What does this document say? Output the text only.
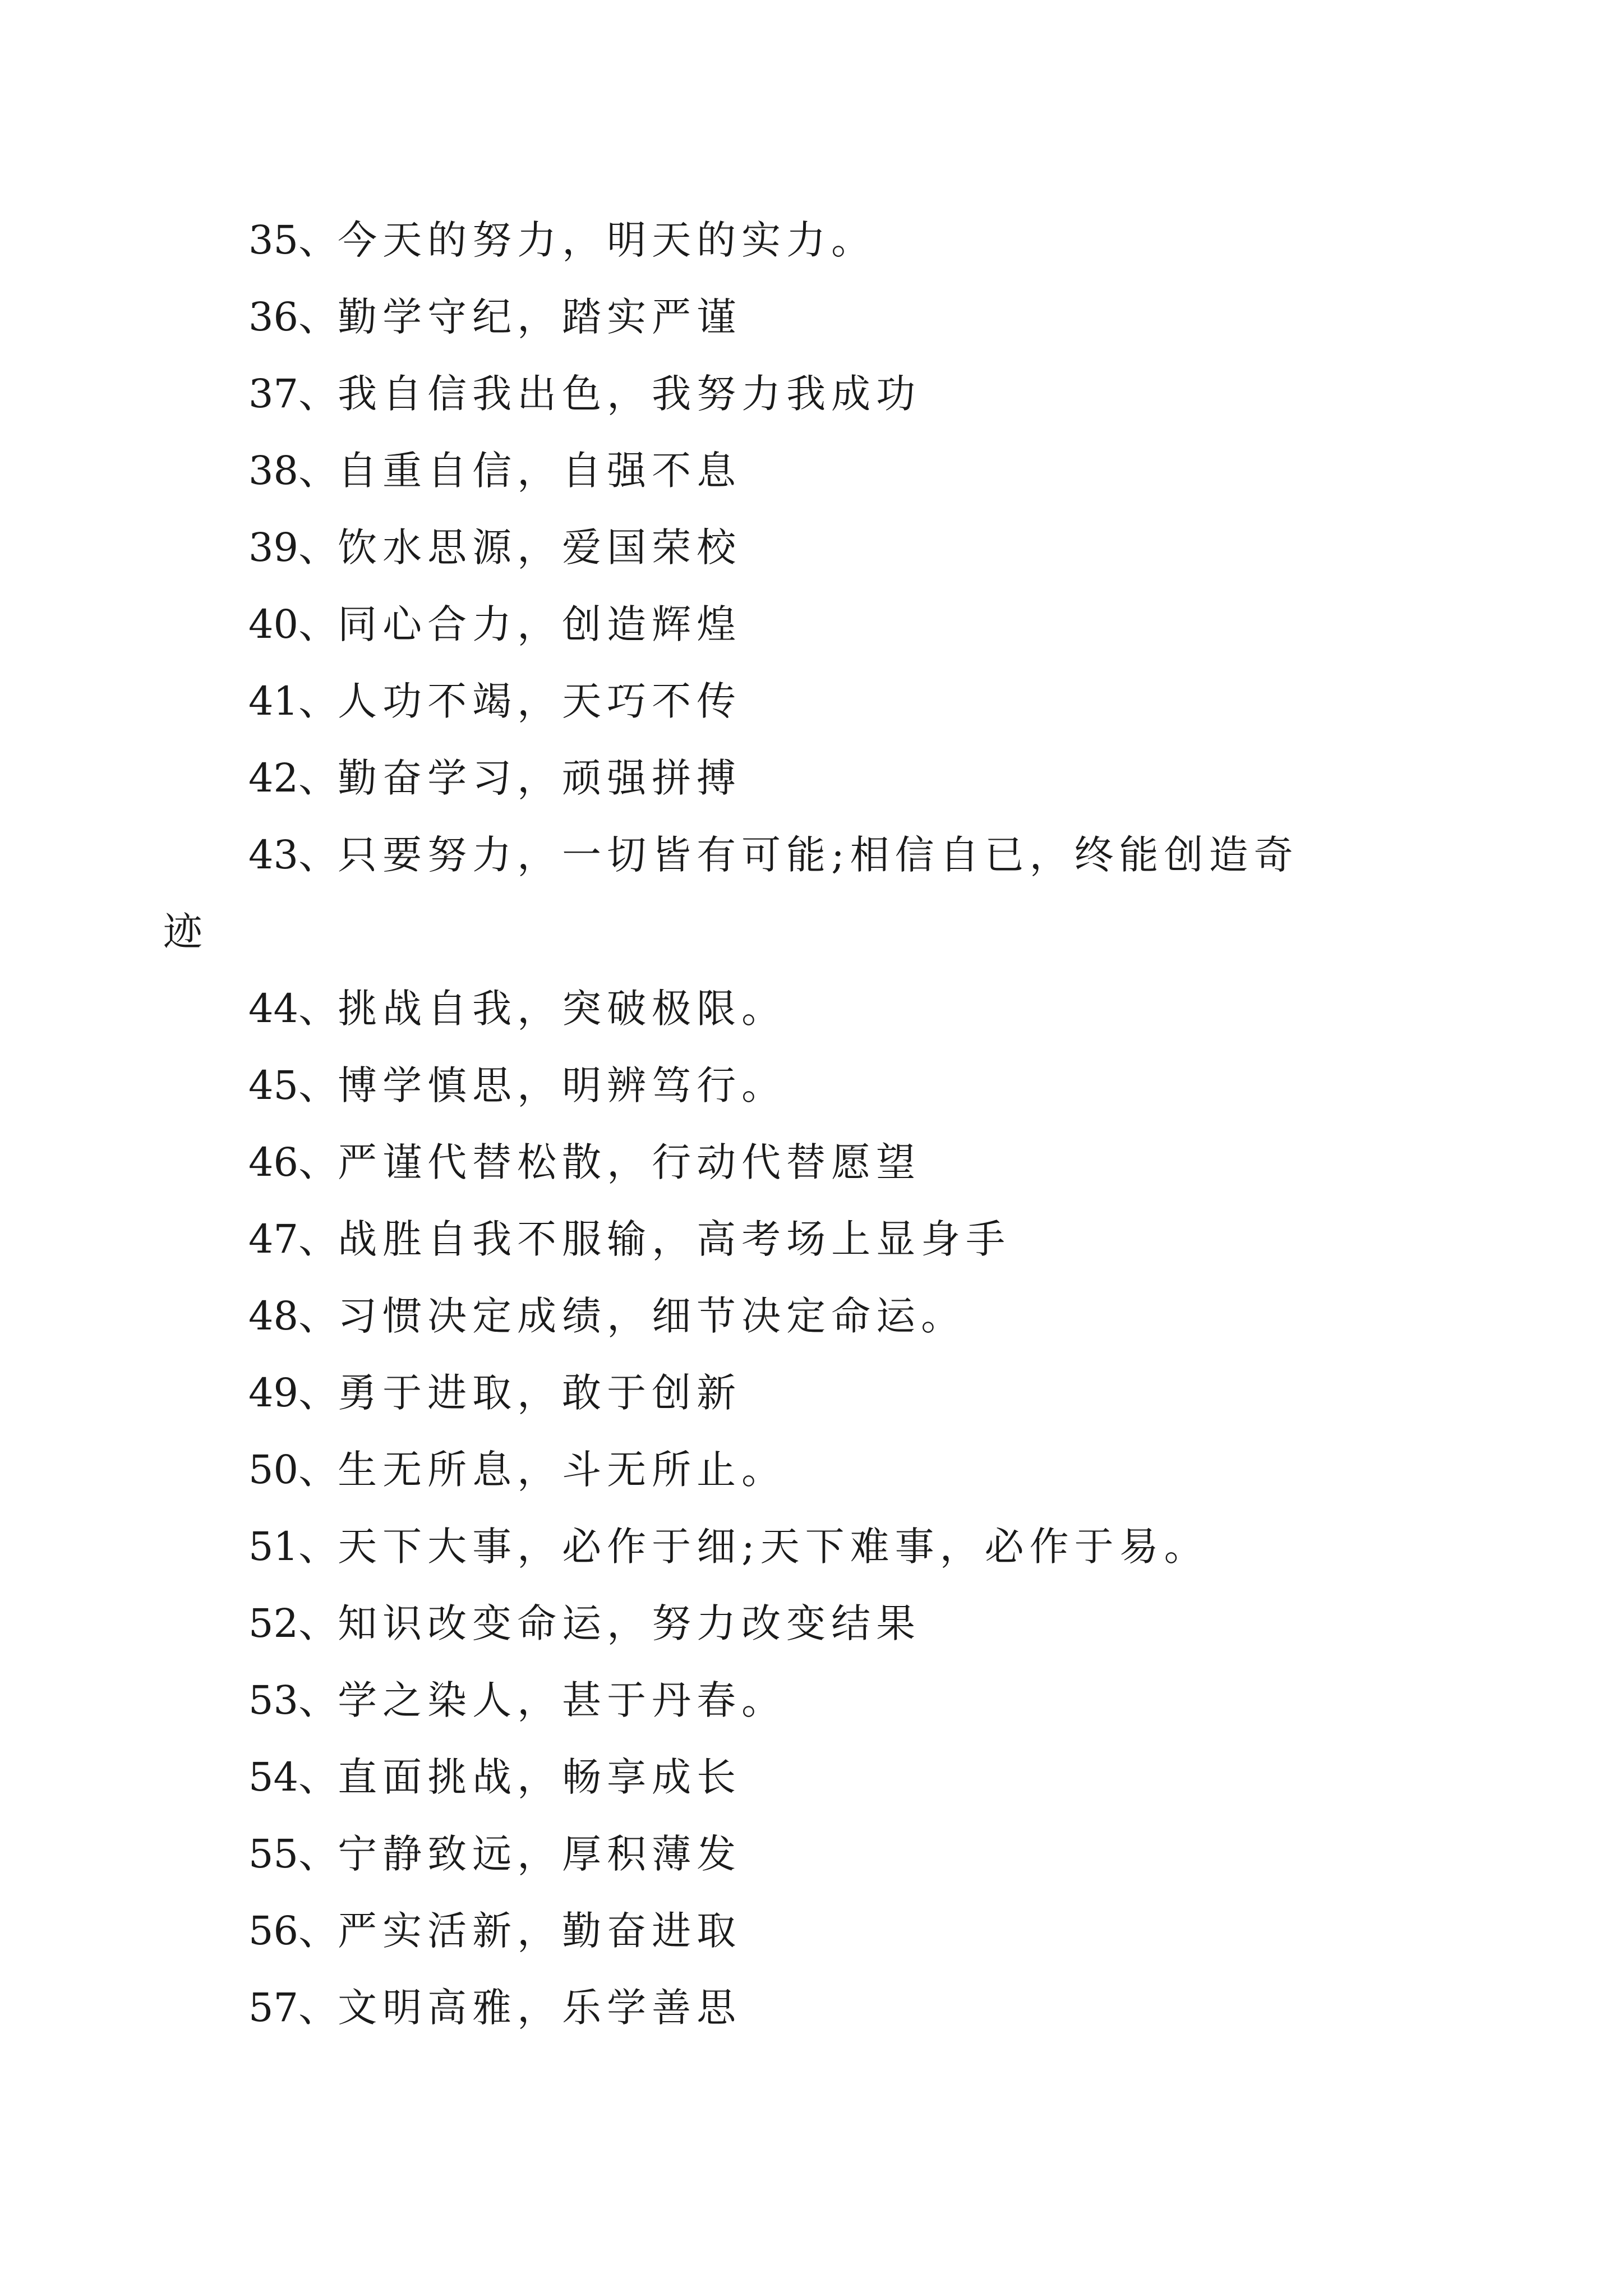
35、今天的努力，明天的实力。
36、勤学守纪，踏实严谨
37、我自信我出色，我努力我成功
38、自重自信，自强不息
39、饮水思源，爱国荣校
40、同心合力，创造辉煌
41、人功不竭，天巧不传
42、勤奋学习，顽强拼搏
43、只要努力，一切皆有可能;相信自已，终能创造奇
迹
44、挑战自我，突破极限。
45、博学慎思，明辨笃行。
46、严谨代替松散，行动代替愿望
47、战胜自我不服输，高考场上显身手
48、习惯决定成绩，细节决定命运。
49、勇于进取，敢于创新
50、生无所息，斗无所止。
51、天下大事，必作于细;天下难事，必作于易。
52、知识改变命运，努力改变结果
53、学之染人，甚于丹春。
54、直面挑战，畅享成长
55、宁静致远，厚积薄发
56、严实活新，勤奋进取
57、文明高雅，乐学善思
